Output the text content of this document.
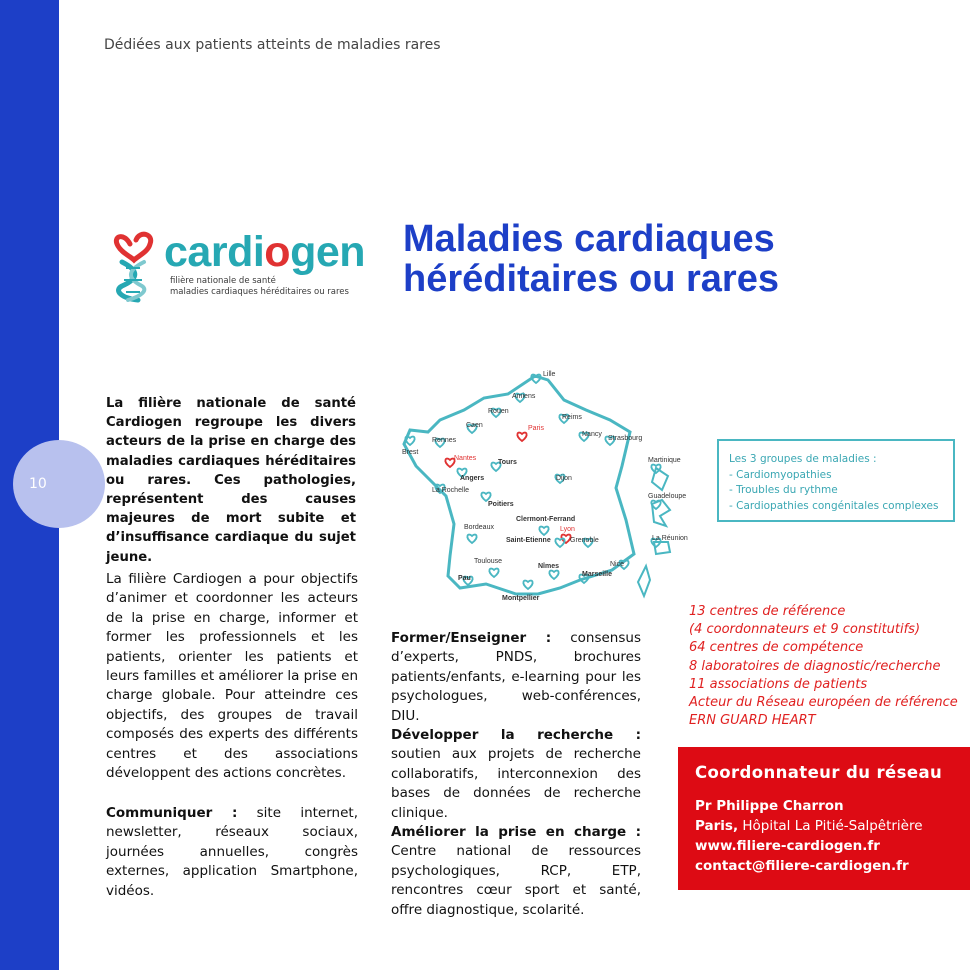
10
Dédiées aux patients atteints de maladies rares
cardiogen
filière nationale de santé
maladies cardiaques héréditaires ou rares
Maladies cardiaques
héréditaires ou rares
La filière nationale de santé Cardiogen regroupe les divers acteurs de la prise en charge des maladies cardiaques héréditaires ou rares. Ces pathologies, représentent des causes majeures de mort subite et d’insuffisance cardiaque du sujet jeune.
La filière Cardiogen a pour objectifs d’animer et coordonner les acteurs de la prise en charge, informer et former les professionnels et les patients, orienter les patients et leurs familles et améliorer la prise en charge globale. Pour atteindre ces objectifs, des groupes de travail composés des experts des différents centres et des associations développent des actions concrètes.
Communiquer : site internet, newsletter, réseaux sociaux, journées annuelles, congrès externes, application Smartphone, vidéos.
Former/Enseigner : consensus d’experts, PNDS, brochures patients/enfants, e-learning pour les psychologues, web-conférences, DIU.
Développer la recherche : soutien aux projets de recherche collaboratifs, interconnexion des bases de données de recherche clinique.
Améliorer la prise en charge : Centre national de ressources psychologiques, RCP, ETP, rencontres cœur sport et santé, offre diagnostique, scolarité.
Lille
Amiens
Rouen
Reims
Paris
Caen
Nancy
Strasbourg
Brest
Rennes
Nantes
Tours
Angers
La Rochelle
Poitiers
Dijon
Bordeaux
Clermont-Ferrand
Lyon
Saint-Etienne	Grenoble
Toulouse
Nîmes
Marseille
Nice
Pau
Montpellier
Martinique
Guadeloupe
La Réunion
Les 3 groupes de maladies :
- Cardiomyopathies
- Troubles du rythme
- Cardiopathies congénitales complexes
13 centres de référence
(4 coordonnateurs et 9 constitutifs)
64 centres de compétence
8 laboratoires de diagnostic/recherche
11 associations de patients
Acteur du Réseau européen de référence
ERN GUARD HEART
Coordonnateur du réseau
Pr Philippe Charron
Paris, Hôpital La Pitié-Salpêtrière
www.filiere-cardiogen.fr
contact@filiere-cardiogen.fr
